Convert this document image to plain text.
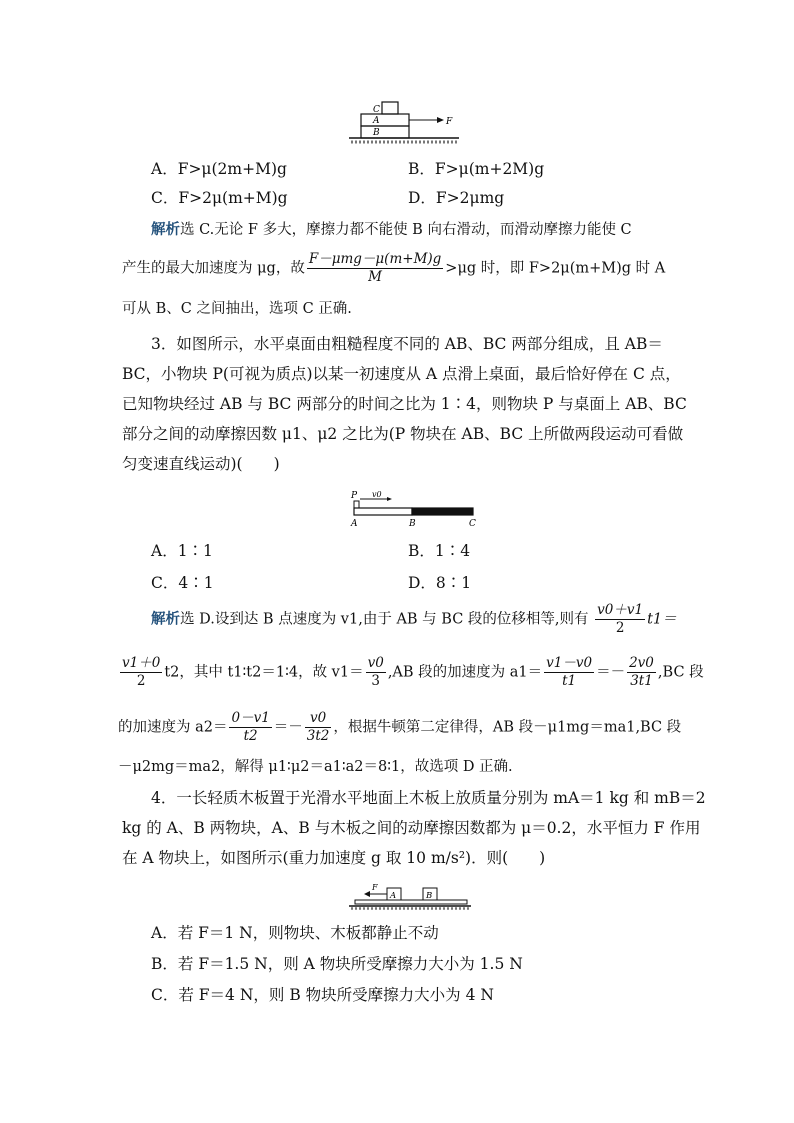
C
A
B
F
A．F>μ(2m+M)g	B．F>μ(m+2M)g
C．F>2μ(m+M)g	D．F>2μmg
解析选 C.无论 F 多大，摩擦力都不能使 B 向右滑动，而滑动摩擦力能使 C
产生的最大加速度为 μg，故 $\frac{\text{F－μmg－μ(m+M)g}}{M} >\mu g$ 时，即 F>2μ(m+M)g 时 A
可从 B、C 之间抽出，选项 C 正确.
3．如图所示，水平桌面由粗糙程度不同的 AB、BC 两部分组成，且 AB＝
BC，小物块 P(可视为质点)以某一初速度从 A 点滑上桌面，最后恰好停在 C 点，
已知物块经过 AB 与 BC 两部分的时间之比为 1∶4，则物块 P 与桌面上 AB、BC
部分之间的动摩擦因数 μ1、μ2 之比为(P 物块在 AB、BC 上所做两段运动可看做
匀变速直线运动)(　　)
P v0
A	B	C
A．1∶1	B．1∶4
C．4∶1	D．8∶1
解析选 D.设到达 B 点速度为 v1,由于 AB 与 BC 段的位移相等,则有 $\frac{v0+v1}{2} t1=$
$\frac{v1+0}{2} t2$，其中 t1∶t2＝1∶4，故 $v1= \frac{v0}{3} ,AB$ 段的加速度为 $a1= \frac{v1-v0}{t1} =- \frac{2v0}{3t1} ,BC$ 段
的加速度为 $a2= \frac{0-v1}{t2} =- \frac{v0}{3t2}$ ，根据牛顿第二定律得，AB 段－μ1mg＝ma1,BC 段
－μ2mg＝ma2，解得 μ1∶μ2＝a1∶a2＝8∶1，故选项 D 正确.
4．一长轻质木板置于光滑水平地面上木板上放质量分别为 mA＝1 kg 和 mB＝2
kg 的 A、B 两物块，A、B 与木板之间的动摩擦因数都为 μ＝0.2，水平恒力 F 作用
在 A 物块上，如图所示(重力加速度 g 取 10 m/s²)．则(　　)
F
A	B
A．若 F＝1 N，则物块、木板都静止不动
B．若 F＝1.5 N，则 A 物块所受摩擦力大小为 1.5 N
C．若 F＝4 N，则 B 物块所受摩擦力大小为 4 N
